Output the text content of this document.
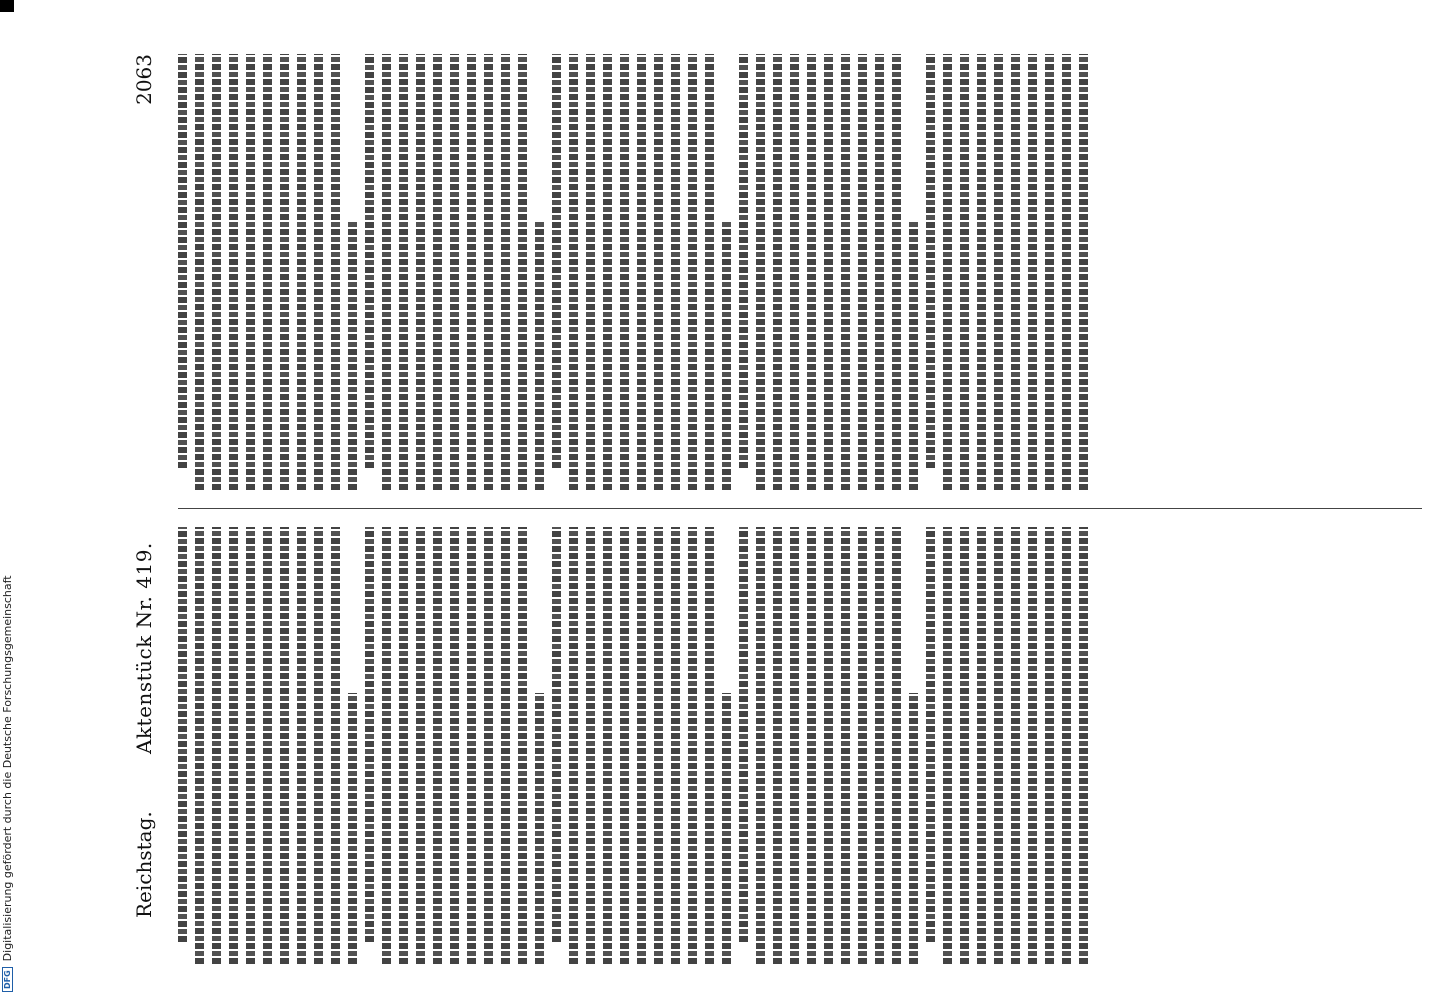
DFG
Digitalisierung gefördert durch die Deutsche Forschungsgemeinschaft	Reichstag.
Aktenstück Nr. 419.
2063
